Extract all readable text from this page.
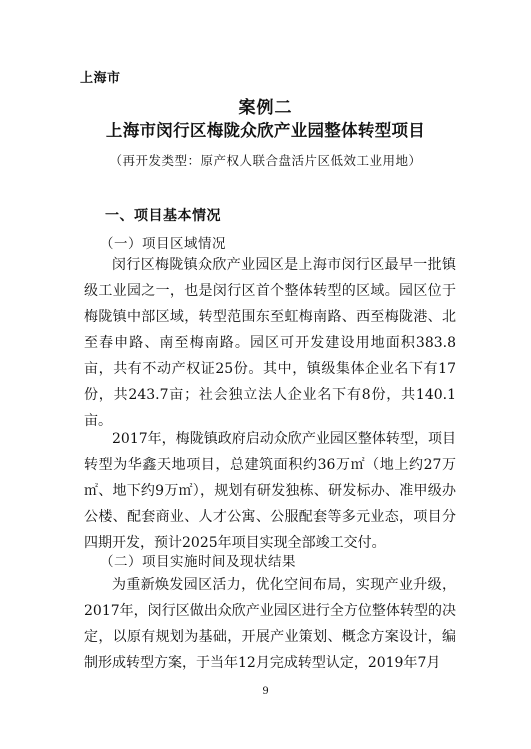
上海市
案例二
上海市闵行区梅陇众欣产业园整体转型项目
（再开发类型：原产权人联合盘活片区低效工业用地）
一、项目基本情况
（一）项目区域情况

闵行区梅陇镇众欣产业园区是上海市闵行区最早一批镇级工业园之一，也是闵行区首个整体转型的区域。园区位于梅陇镇中部区域，转型范围东至虹梅南路、西至梅陇港、北至春申路、南至梅南路。园区可开发建设用地面积383.8亩，共有不动产权证25份。其中，镇级集体企业名下有17份，共243.7亩；社会独立法人企业名下有8份，共140.1亩。

2017年，梅陇镇政府启动众欣产业园区整体转型，项目转型为华鑫天地项目，总建筑面积约36万㎡（地上约27万㎡、地下约9万㎡），规划有研发独栋、研发标办、准甲级办公楼、配套商业、人才公寓、公服配套等多元业态，项目分四期开发，预计2025年项目实现全部竣工交付。

（二）项目实施时间及现状结果

为重新焕发园区活力，优化空间布局，实现产业升级，2017年，闵行区做出众欣产业园区进行全方位整体转型的决定，以原有规划为基础，开展产业策划、概念方案设计，编制形成转型方案，于当年12月完成转型认定，2019年7月

9
